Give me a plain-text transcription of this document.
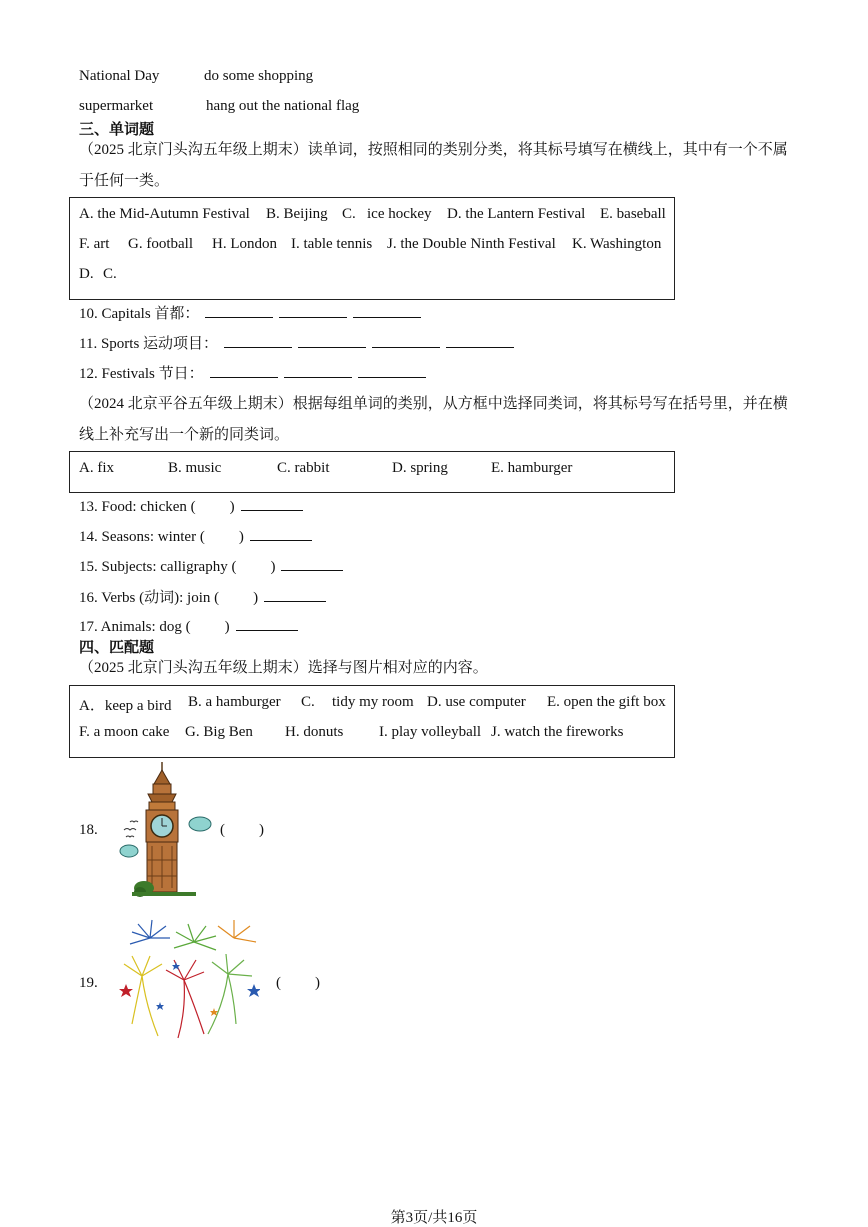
National Day	do some shopping
supermarket	hang out the national flag
三、单词题
（2025 北京门头沟五年级上期末）读单词，按照相同的类别分类，将其标号填写在横线上，其中有一个不属
于任何一类。
A. the Mid-Autumn Festival B. Beijing C. ice hockey D. the Lantern Festival E. baseball
F. art G. football H. London I. table tennis J. the Double Ninth Festival K. Washington
D. C.
10. Capitals 首都：
11. Sports 运动项目：
12. Festivals 节日：
（2024 北京平谷五年级上期末）根据每组单词的类别，从方框中选择同类词，将其标号写在括号里，并在横
线上补充写出一个新的同类词。
A. fix	B. music	C. rabbit	D. spring	E. hamburger
13. Food: chicken ( )
14. Seasons: winter ( )
15. Subjects: calligraphy ( )
16. Verbs (动词): join ( )
17. Animals: dog ( )
四、匹配题
（2025 北京门头沟五年级上期末）选择与图片相对应的内容。
A．keep a bird B. a hamburger C. tidy my room D. use computer E. open the gift box
F. a moon cake G. Big Ben H. donuts I. play volleyball J. watch the fireworks
18.	( )
19.	( )
第3页/共16页
